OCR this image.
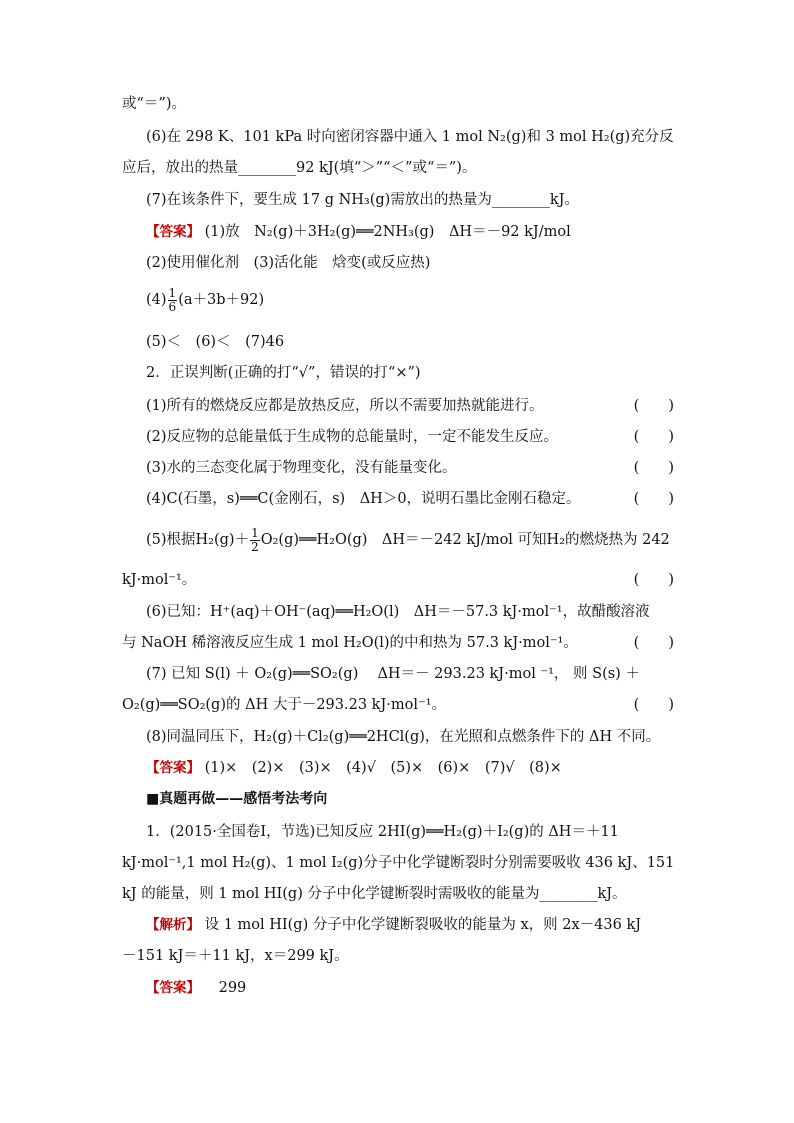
或“＝”)。
(6)在 298 K、101 kPa 时向密闭容器中通入 1 mol N₂(g)和 3 mol H₂(g)充分反
应后，放出的热量________92 kJ(填“＞”“＜”或“＝”)。
(7)在该条件下，要生成 17 g NH₃(g)需放出的热量为________kJ。
【答案】 (1)放　N₂(g)＋3H₂(g)══2NH₃(g)　ΔH＝－92 kJ/mol
(2)使用催化剂　(3)活化能　焓变(或反应热)
$(4) \frac{1}{6} (a+3b+92)$
(5)＜　(6)＜　(7)46
2．正误判断(正确的打“√”，错误的打“×”)
(1)所有的燃烧反应都是放热反应，所以不需要加热就能进行。	(　　)
(2)反应物的总能量低于生成物的总能量时，一定不能发生反应。	(　　)
(3)水的三态变化属于物理变化，没有能量变化。	(　　)
(4)C(石墨，s)══C(金刚石，s)　ΔH＞0，说明石墨比金刚石稳定。	(　　)
(5)根据$H_2(g)+ \frac{1}{2}$ O₂(g)══H₂O(g)　ΔH＝－242 kJ/mol 可知H₂的燃烧热为 242
kJ·mol⁻¹。	(　　)
(6)已知：H⁺(aq)＋OH⁻(aq)══H₂O(l)　ΔH＝－57.3 kJ·mol⁻¹，故醋酸溶液
与 NaOH 稀溶液反应生成 1 mol H₂O(l)的中和热为 57.3 kJ·mol⁻¹。	(　　)
(7) 已知 S(l) ＋ O₂(g)══SO₂(g)　 ΔH＝－ 293.23 kJ·mol ⁻¹， 则 S(s) ＋
O₂(g)══SO₂(g)的 ΔH 大于－293.23 kJ·mol⁻¹。	(　　)
(8)同温同压下，H₂(g)＋Cl₂(g)══2HCl(g)，在光照和点燃条件下的 ΔH 不同。
【答案】 (1)×　(2)×　(3)×　(4)√　(5)×　(6)×　(7)√　(8)×
■真题再做——感悟考法考向
1．(2015·全国卷Ⅰ，节选)已知反应 2HI(g)══H₂(g)＋I₂(g)的 ΔH＝＋11
kJ·mol⁻¹,1 mol H₂(g)、1 mol I₂(g)分子中化学键断裂时分别需要吸收 436 kJ、151
kJ 的能量，则 1 mol HI(g) 分子中化学键断裂时需吸收的能量为________kJ。
【解析】 设 1 mol HI(g) 分子中化学键断裂吸收的能量为 x，则 2x－436 kJ
－151 kJ＝＋11 kJ，x＝299 kJ。
【答案】 299
